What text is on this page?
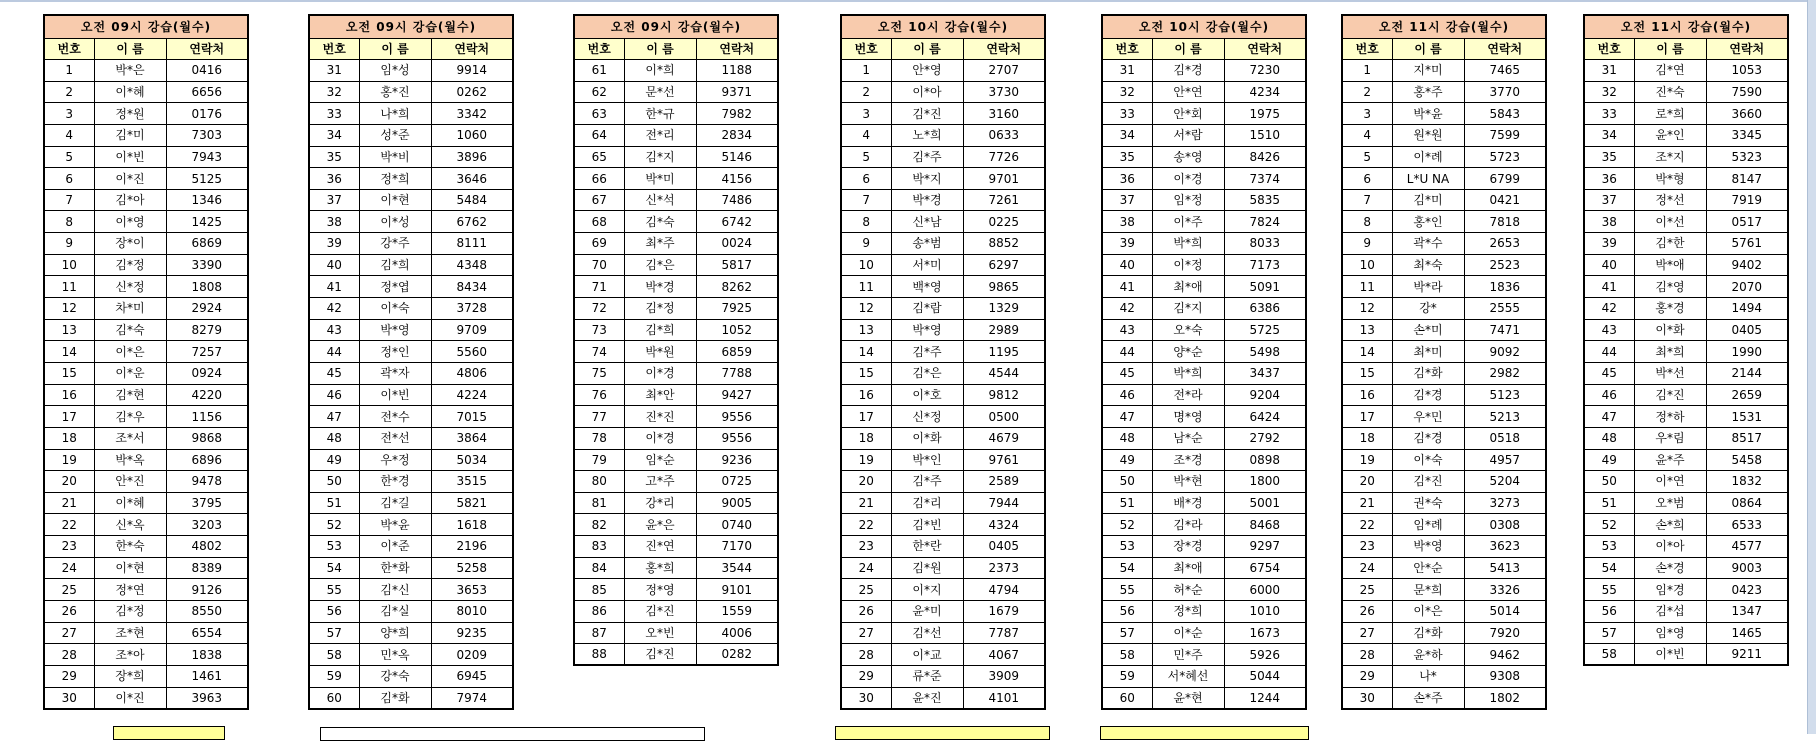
오전 09시 강습(월수)		
번호	이 름	연락처
1	박*은	0416
2	이*혜	6656
3	정*원	0176
4	김*미	7303
5	이*빈	7943
6	이*진	5125
7	김*아	1346
8	이*영	1425
9	장*이	6869
10	김*정	3390
11	신*정	1808
12	차*미	2924
13	김*숙	8279
14	이*은	7257
15	이*운	0924
16	김*현	4220
17	김*우	1156
18	조*서	9868
19	박*옥	6896
20	안*진	9478
21	이*혜	3795
22	신*옥	3203
23	한*숙	4802
24	이*현	8389
25	정*연	9126
26	김*정	8550
27	조*현	6554
28	조*아	1838
29	장*희	1461
30	이*진	3963
오전 09시 강습(월수)		
번호	이 름	연락처
31	임*성	9914
32	홍*진	0262
33	나*희	3342
34	성*준	1060
35	박*비	3896
36	정*희	3646
37	이*현	5484
38	이*성	6762
39	강*주	8111
40	김*희	4348
41	정*엽	8434
42	이*숙	3728
43	박*영	9709
44	정*인	5560
45	곽*자	4806
46	이*빈	4224
47	전*수	7015
48	전*선	3864
49	우*정	5034
50	한*경	3515
51	김*길	5821
52	박*윤	1618
53	이*준	2196
54	한*화	5258
55	김*신	3653
56	김*실	8010
57	양*희	9235
58	민*옥	0209
59	강*숙	6945
60	김*화	7974
오전 09시 강습(월수)		
번호	이 름	연락처
61	이*희	1188
62	문*선	9371
63	한*규	7982
64	전*리	2834
65	김*지	5146
66	박*미	4156
67	신*석	7486
68	김*숙	6742
69	최*주	0024
70	김*은	5817
71	박*경	8262
72	김*정	7925
73	김*희	1052
74	박*원	6859
75	이*경	7788
76	최*안	9427
77	진*진	9556
78	이*경	9556
79	임*순	9236
80	고*주	0725
81	강*리	9005
82	윤*은	0740
83	진*연	7170
84	홍*희	3544
85	정*영	9101
86	김*진	1559
87	오*빈	4006
88	김*진	0282
오전 10시 강습(월수)		
번호	이 름	연락처
1	안*영	2707
2	이*아	3730
3	김*진	3160
4	노*희	0633
5	김*주	7726
6	박*지	9701
7	박*경	7261
8	신*남	0225
9	송*범	8852
10	서*미	6297
11	백*영	9865
12	김*람	1329
13	박*영	2989
14	김*주	1195
15	김*은	4544
16	이*호	9812
17	신*정	0500
18	이*화	4679
19	박*인	9761
20	김*주	2589
21	김*리	7944
22	김*빈	4324
23	한*란	0405
24	김*원	2373
25	이*지	4794
26	윤*미	1679
27	김*선	7787
28	이*교	4067
29	류*준	3909
30	윤*진	4101
오전 10시 강습(월수)		
번호	이 름	연락처
31	김*경	7230
32	안*연	4234
33	안*회	1975
34	서*람	1510
35	송*영	8426
36	이*경	7374
37	임*정	5835
38	이*주	7824
39	박*희	8033
40	이*정	7173
41	최*애	5091
42	김*지	6386
43	오*숙	5725
44	양*순	5498
45	박*희	3437
46	전*라	9204
47	명*영	6424
48	남*순	2792
49	조*경	0898
50	박*현	1800
51	배*경	5001
52	김*라	8468
53	장*경	9297
54	최*애	6754
55	허*순	6000
56	정*희	1010
57	이*순	1673
58	민*주	5926
59	서*혜선	5044
60	윤*현	1244
오전 11시 강습(월수)		
번호	이 름	연락처
1	지*미	7465
2	홍*주	3770
3	박*윤	5843
4	원*원	7599
5	이*례	5723
6	L*U NA	6799
7	김*미	0421
8	홍*인	7818
9	곽*수	2653
10	최*숙	2523
11	박*라	1836
12	강*	2555
13	손*미	7471
14	최*미	9092
15	김*화	2982
16	김*경	5123
17	우*민	5213
18	김*경	0518
19	이*숙	4957
20	김*진	5204
21	권*숙	3273
22	임*례	0308
23	박*영	3623
24	안*순	5413
25	문*희	3326
26	이*은	5014
27	김*화	7920
28	윤*하	9462
29	나*	9308
30	손*주	1802
오전 11시 강습(월수)		
번호	이 름	연락처
31	김*연	1053
32	진*숙	7590
33	로*희	3660
34	윤*인	3345
35	조*지	5323
36	박*형	8147
37	정*선	7919
38	이*선	0517
39	김*한	5761
40	박*애	9402
41	김*영	2070
42	홍*경	1494
43	이*화	0405
44	최*희	1990
45	박*선	2144
46	김*진	2659
47	정*하	1531
48	우*림	8517
49	윤*주	5458
50	이*연	1832
51	오*범	0864
52	손*희	6533
53	이*아	4577
54	손*경	9003
55	임*경	0423
56	김*섭	1347
57	임*영	1465
58	이*빈	9211
